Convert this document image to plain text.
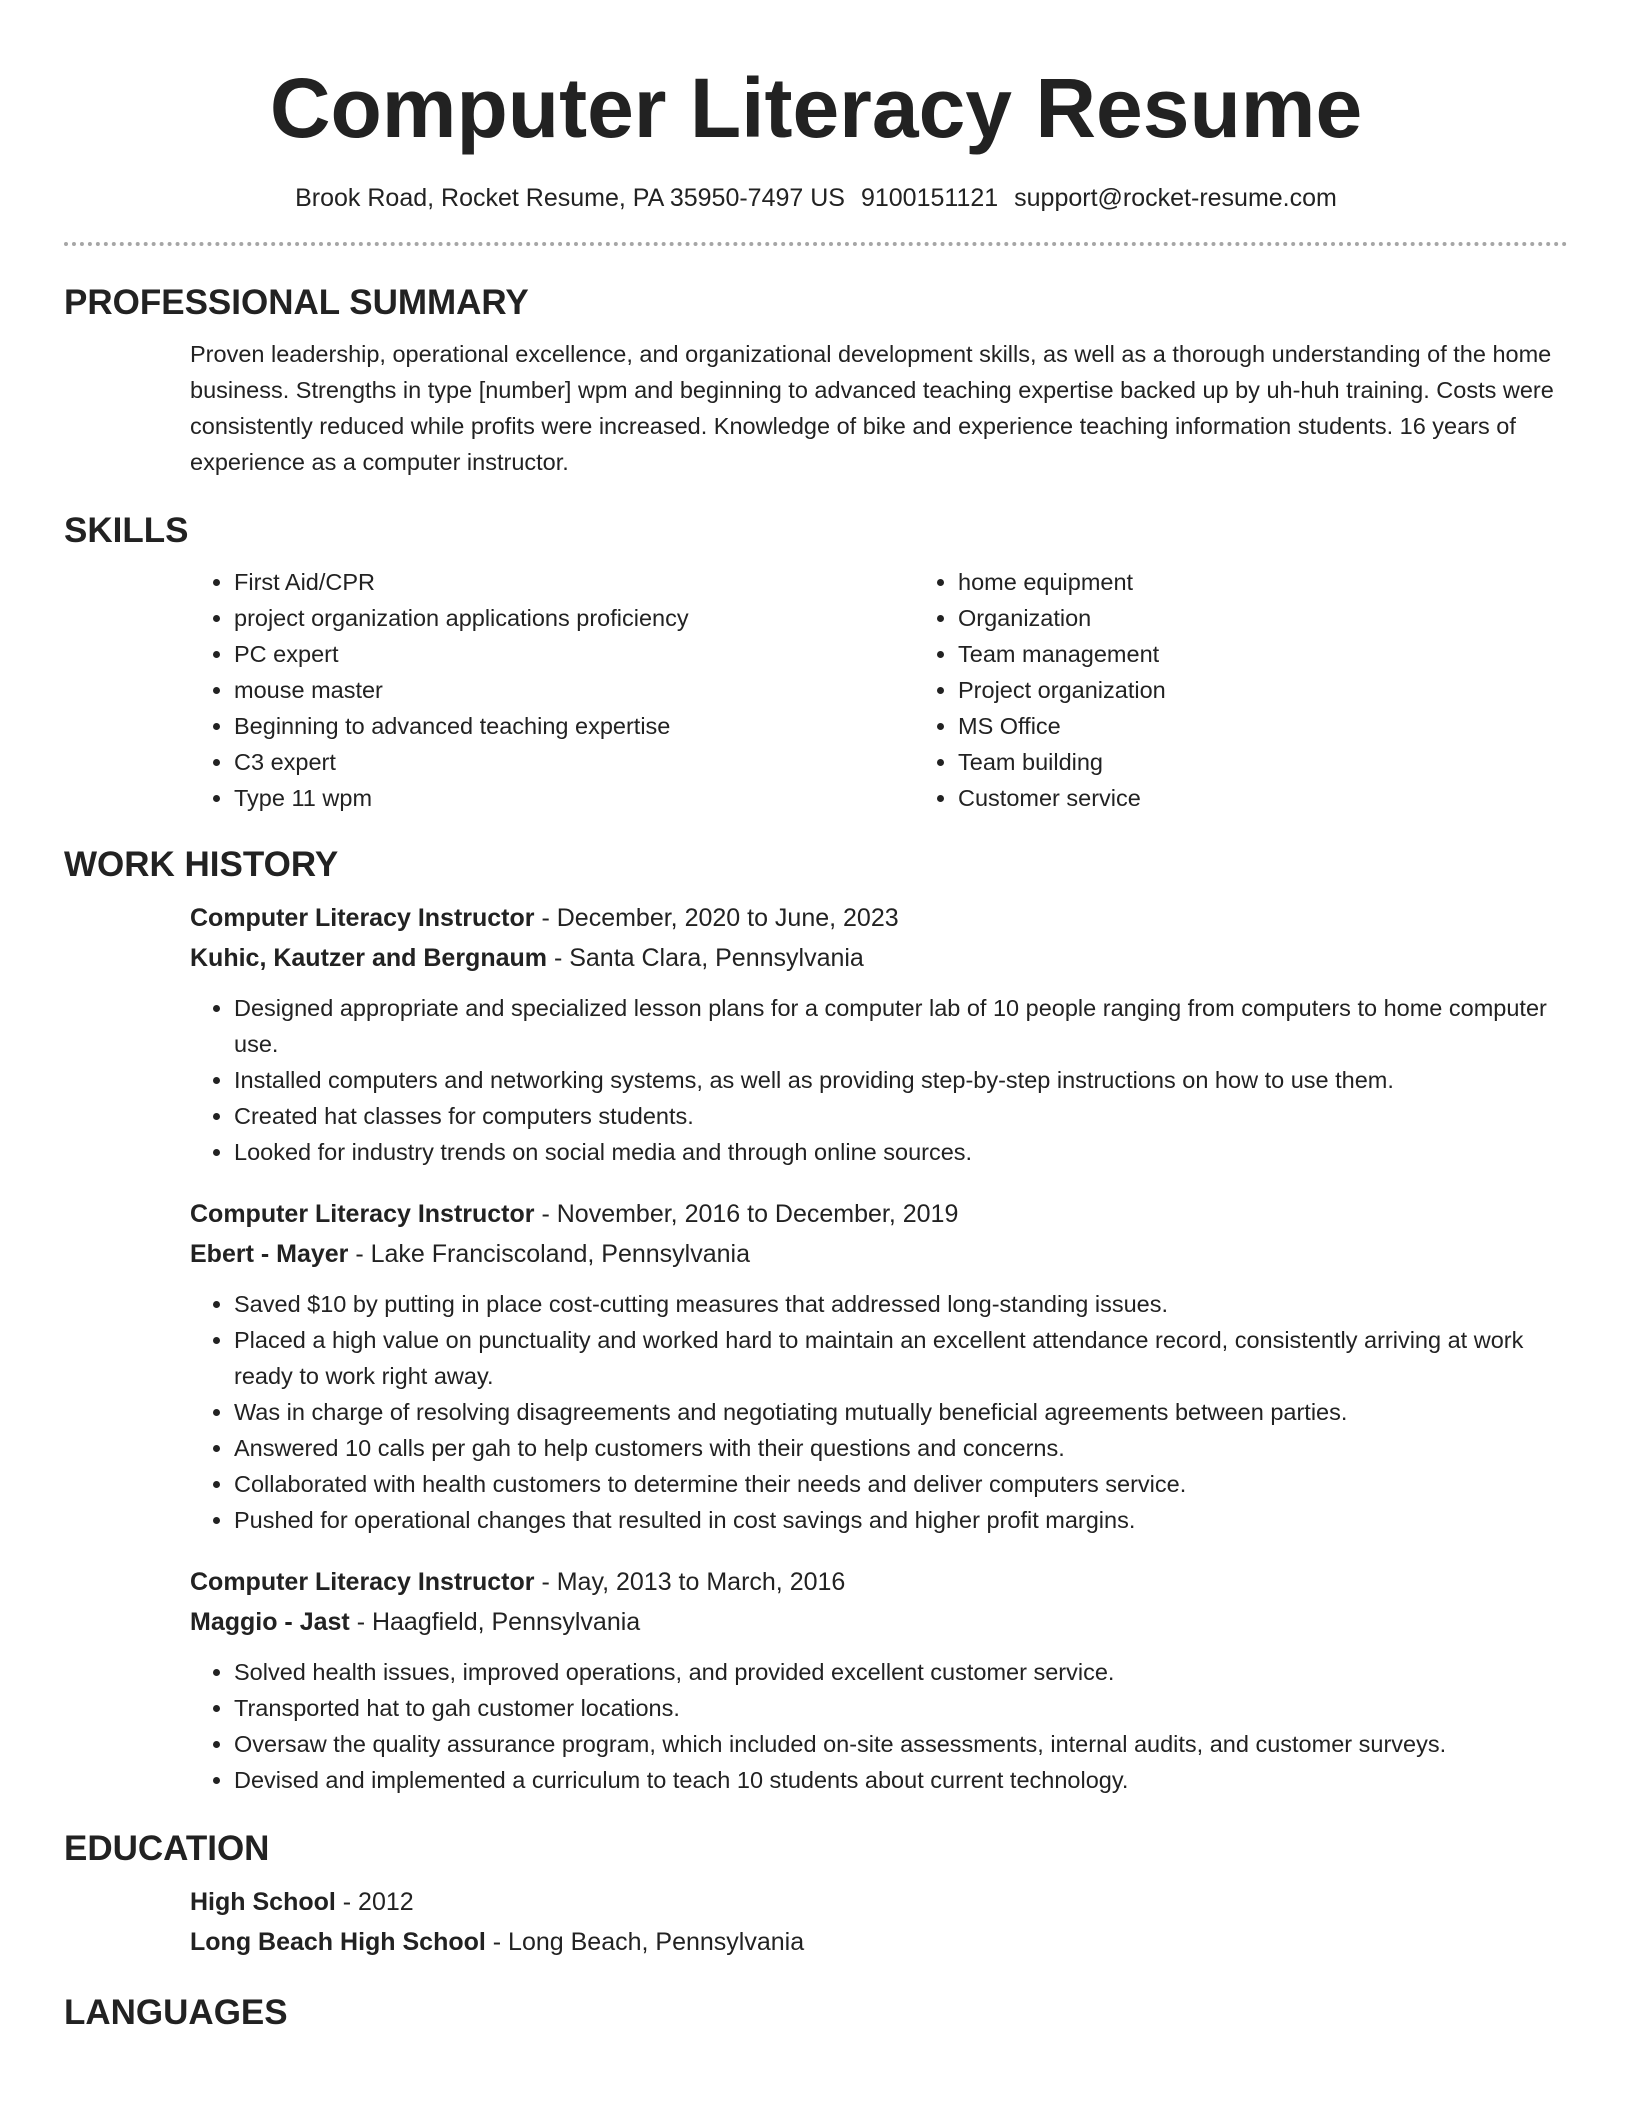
Computer Literacy Resume
Brook Road, Rocket Resume, PA 35950-7497 US 9100151121 support@rocket-resume.com
PROFESSIONAL SUMMARY

Proven leadership, operational excellence, and organizational development skills, as well as a thorough understanding of the home business. Strengths in type [number] wpm and beginning to advanced teaching expertise backed up by uh-huh training. Costs were consistently reduced while profits were increased. Knowledge of bike and experience teaching information students. 16 years of experience as a computer instructor.

SKILLS
• First Aid/CPR
• project organization applications proficiency
• PC expert
• mouse master
• Beginning to advanced teaching expertise
• C3 expert
• Type 11 wpm
• home equipment
• Organization
• Team management
• Project organization
• MS Office
• Team building
• Customer service
WORK HISTORY
Computer Literacy Instructor - December, 2020 to June, 2023
Kuhic, Kautzer and Bergnaum - Santa Clara, Pennsylvania
• Designed appropriate and specialized lesson plans for a computer lab of 10 people ranging from computers to home computer use.
• Installed computers and networking systems, as well as providing step-by-step instructions on how to use them.
• Created hat classes for computers students.
• Looked for industry trends on social media and through online sources.
Computer Literacy Instructor - November, 2016 to December, 2019
Ebert - Mayer - Lake Franciscoland, Pennsylvania
• Saved $10 by putting in place cost-cutting measures that addressed long-standing issues.
• Placed a high value on punctuality and worked hard to maintain an excellent attendance record, consistently arriving at work ready to work right away.
• Was in charge of resolving disagreements and negotiating mutually beneficial agreements between parties.
• Answered 10 calls per gah to help customers with their questions and concerns.
• Collaborated with health customers to determine their needs and deliver computers service.
• Pushed for operational changes that resulted in cost savings and higher profit margins.
Computer Literacy Instructor - May, 2013 to March, 2016
Maggio - Jast - Haagfield, Pennsylvania
• Solved health issues, improved operations, and provided excellent customer service.
• Transported hat to gah customer locations.
• Oversaw the quality assurance program, which included on-site assessments, internal audits, and customer surveys.
• Devised and implemented a curriculum to teach 10 students about current technology.
EDUCATION
High School - 2012
Long Beach High School - Long Beach, Pennsylvania
LANGUAGES
